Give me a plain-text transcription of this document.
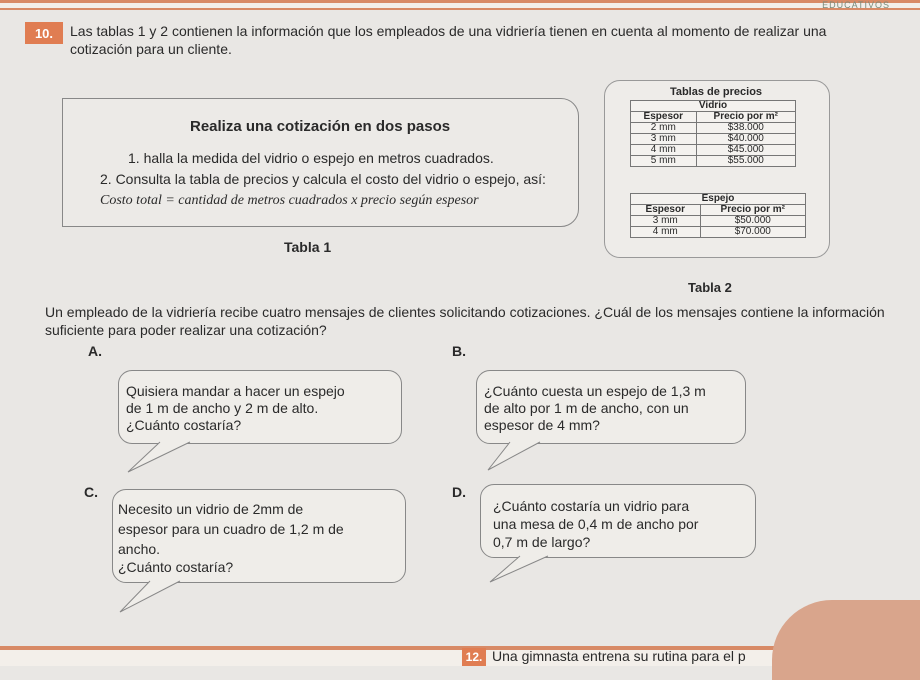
EDUCATIVOS
10.	Las tablas 1 y 2 contienen la información que los empleados de una vidriería tienen en cuenta al momento de realizar una cotización para un cliente.
Realiza una cotización en dos pasos
1. halla la medida del vidrio o espejo en metros cuadrados.
2. Consulta la tabla de precios y calcula el costo del vidrio o espejo, así:
Costo total = cantidad de metros cuadrados x precio según espesor
Tabla 1
Tablas de precios
Vidrio	
Espesor	Precio por m²
2 mm	$38.000
3 mm	$40.000
4 mm	$45.000
5 mm	$55.000
Espejo	
Espesor	Precio por m²
3 mm	$50.000
4 mm	$70.000
Tabla 2
Un empleado de la vidriería recibe cuatro mensajes de clientes solicitando cotizaciones. ¿Cuál de los mensajes contiene la información suficiente para poder realizar una cotización?
A.
Quisiera mandar a hacer un espejo
de 1 m de ancho y 2 m de alto.
¿Cuánto costaría?
B.
¿Cuánto cuesta un espejo de 1,3 m
de alto por 1 m de ancho, con un
espesor de 4 mm?
C.
Necesito un vidrio de 2mm de
espesor para un cuadro de 1,2 m de
ancho.
¿Cuánto costaría?
D.
¿Cuánto costaría un vidrio para
una mesa de 0,4 m de ancho por
0,7 m de largo?
12. Una gimnasta entrena su rutina para el p
